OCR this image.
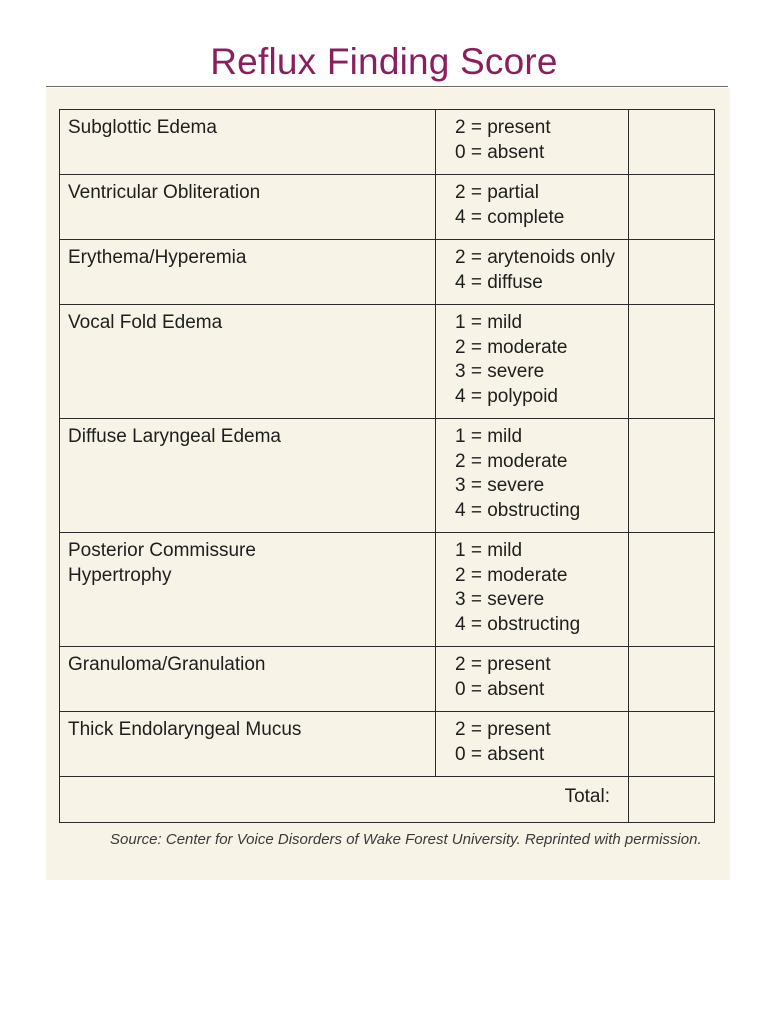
Reflux Finding Score
Subglottic Edema	2 = present
0 = absent	

Ventricular Obliteration	2 = partial
4 = complete	

Erythema/Hyperemia	2 = arytenoids only
4 = diffuse	

Vocal Fold Edema	1 = mild
2 = moderate
3 = severe
4 = polypoid	

Diffuse Laryngeal Edema	1 = mild
2 = moderate
3 = severe
4 = obstructing	

Posterior Commissure
Hypertrophy	1 = mild
2 = moderate
3 = severe
4 = obstructing	

Granuloma/Granulation	2 = present
0 = absent	

Thick Endolaryngeal Mucus	2 = present
0 = absent	

Total:		
Source: Center for Voice Disorders of Wake Forest University. Reprinted with permission.
